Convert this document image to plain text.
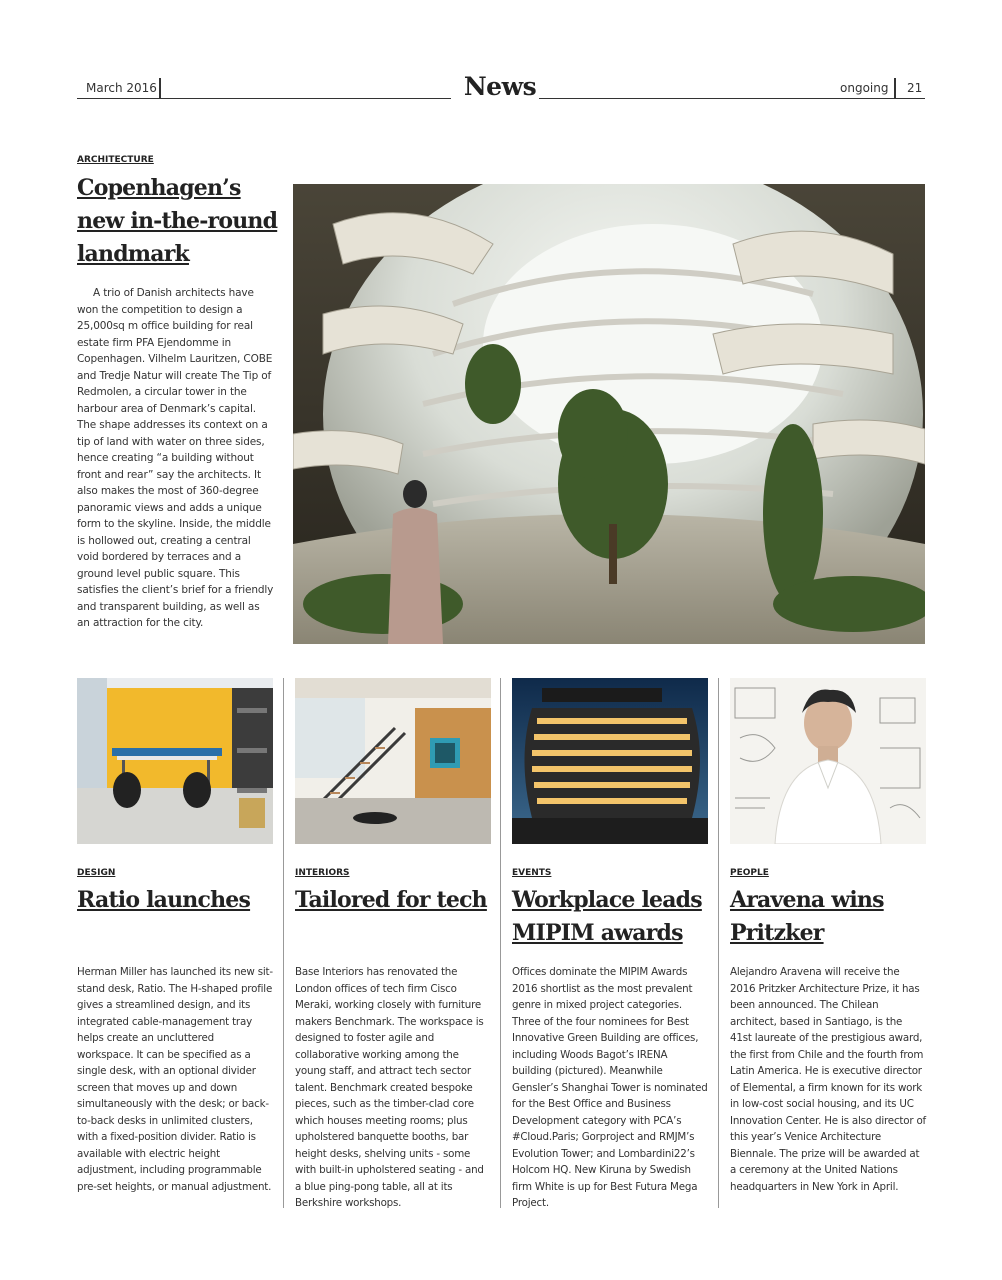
March 2016	News	ongoing 21
ARCHITECTURE
Copenhagen’s new in-the-round landmark
A trio of Danish architects have won the competition to design a 25,000sq m office building for real estate firm PFA Ejendomme in Copenhagen. Vilhelm Lauritzen, COBE and Tredje Natur will create The Tip of Redmolen, a circular tower in the harbour area of Denmark’s capital. The shape addresses its context on a tip of land with water on three sides, hence creating “a building without front and rear” say the architects. It also makes the most of 360-degree panoramic views and adds a unique form to the skyline. Inside, the middle is hollowed out, creating a central void bordered by terraces and a ground level public square. This satisfies the client’s brief for a friendly and transparent building, as well as an attraction for the city.
DESIGN
Ratio launches
Herman Miller has launched its new sit-stand desk, Ratio. The H-shaped profile gives a streamlined design, and its integrated cable-management tray helps create an uncluttered workspace. It can be specified as a single desk, with an optional divider screen that moves up and down simultaneously with the desk; or back-to-back desks in unlimited clusters, with a fixed-position divider. Ratio is available with electric height adjustment, including programmable pre-set heights, or manual adjustment.
INTERIORS
Tailored for tech
Base Interiors has renovated the London offices of tech firm Cisco Meraki, working closely with furniture makers Benchmark. The workspace is designed to foster agile and collaborative working among the young staff, and attract tech sector talent. Benchmark created bespoke pieces, such as the timber-clad core which houses meeting rooms; plus upholstered banquette booths, bar height desks, shelving units - some with built-in upholstered seating - and a blue ping-pong table, all at its Berkshire workshops.
EVENTS
Workplace leads MIPIM awards
Offices dominate the MIPIM Awards 2016 shortlist as the most prevalent genre in mixed project categories. Three of the four nominees for Best Innovative Green Building are offices, including Woods Bagot’s IRENA building (pictured). Meanwhile Gensler’s Shanghai Tower is nominated for the Best Office and Business Development category with PCA’s #Cloud.Paris; Gorproject and RMJM’s Evolution Tower; and Lombardini22’s Holcom HQ. New Kiruna by Swedish firm White is up for Best Futura Mega Project.
PEOPLE
Aravena wins Pritzker
Alejandro Aravena will receive the 2016 Pritzker Architecture Prize, it has been announced. The Chilean architect, based in Santiago, is the 41st laureate of the prestigious award, the first from Chile and the fourth from Latin America. He is executive director of Elemental, a firm known for its work in low-cost social housing, and its UC Innovation Center. He is also director of this year’s Venice Architecture Biennale. The prize will be awarded at a ceremony at the United Nations headquarters in New York in April.
